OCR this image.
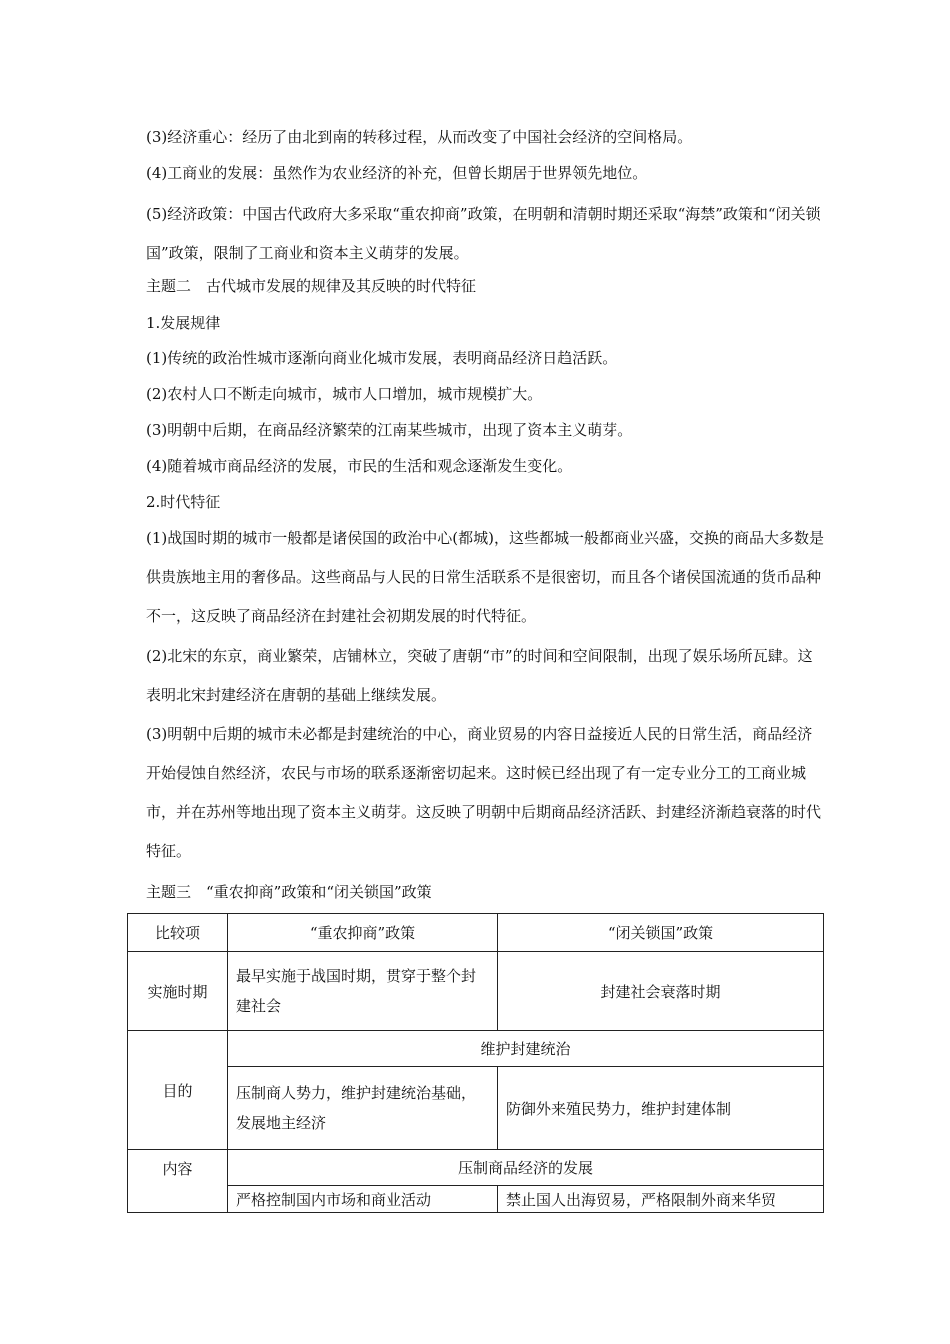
(3)经济重心：经历了由北到南的转移过程，从而改变了中国社会经济的空间格局。
(4)工商业的发展：虽然作为农业经济的补充，但曾长期居于世界领先地位。
(5)经济政策：中国古代政府大多采取“重农抑商”政策，在明朝和清朝时期还采取“海禁”政策和“闭关锁国”政策，限制了工商业和资本主义萌芽的发展。
主题二　古代城市发展的规律及其反映的时代特征
1.发展规律
(1)传统的政治性城市逐渐向商业化城市发展，表明商品经济日趋活跃。
(2)农村人口不断走向城市，城市人口增加，城市规模扩大。
(3)明朝中后期，在商品经济繁荣的江南某些城市，出现了资本主义萌芽。
(4)随着城市商品经济的发展，市民的生活和观念逐渐发生变化。
2.时代特征
(1)战国时期的城市一般都是诸侯国的政治中心(都城)，这些都城一般都商业兴盛，交换的商品大多数是供贵族地主用的奢侈品。这些商品与人民的日常生活联系不是很密切，而且各个诸侯国流通的货币品种不一，这反映了商品经济在封建社会初期发展的时代特征。
(2)北宋的东京，商业繁荣，店铺林立，突破了唐朝“市”的时间和空间限制，出现了娱乐场所瓦肆。这表明北宋封建经济在唐朝的基础上继续发展。
(3)明朝中后期的城市未必都是封建统治的中心，商业贸易的内容日益接近人民的日常生活，商品经济开始侵蚀自然经济，农民与市场的联系逐渐密切起来。这时候已经出现了有一定专业分工的工商业城市，并在苏州等地出现了资本主义萌芽。这反映了明朝中后期商品经济活跃、封建经济渐趋衰落的时代特征。
主题三　“重农抑商”政策和“闭关锁国”政策
比较项	“重农抑商”政策	“闭关锁国”政策
实施时期	最早实施于战国时期，贯穿于整个封建社会	封建社会衰落时期
目的	维护封建统治	
	压制商人势力，维护封建统治基础，发展地主经济	防御外来殖民势力，维护封建体制
内容	压制商品经济的发展	
	严格控制国内市场和商业活动	禁止国人出海贸易，严格限制外商来华贸
